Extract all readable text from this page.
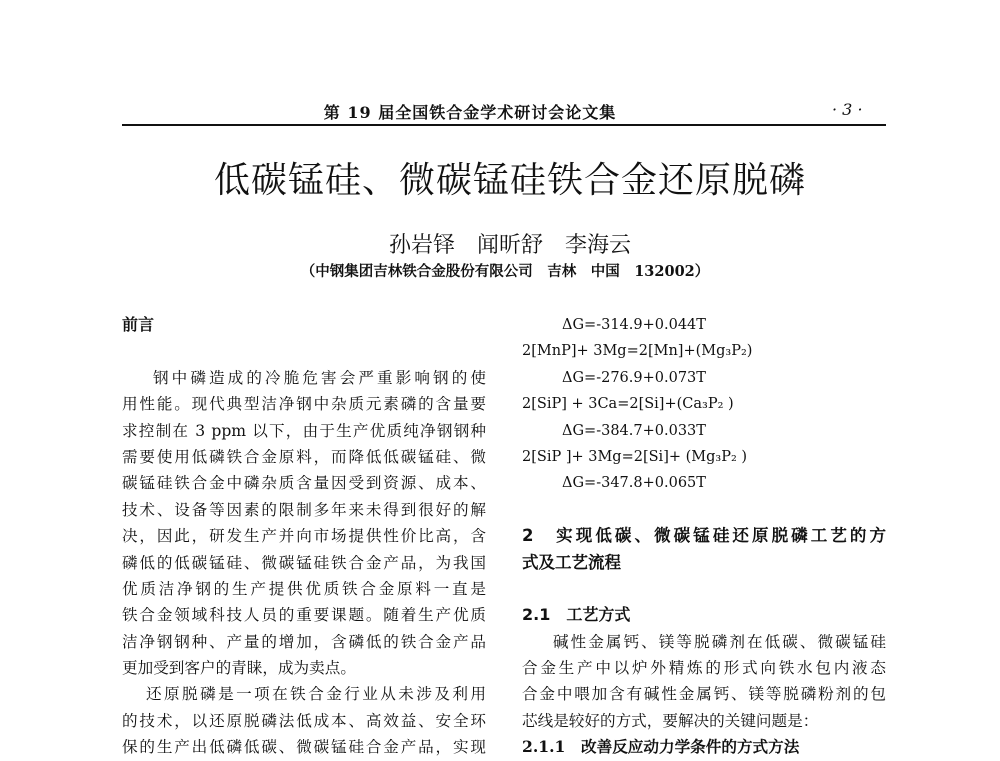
第 19 届全国铁合金学术研讨会论文集	· 3 ·
低碳锰硅、微碳锰硅铁合金还原脱磷
孙岩铎　闻昕舒　李海云
（中钢集团吉林铁合金股份有限公司　吉林　中国　132002）
前言
钢中磷造成的冷脆危害会严重影响钢的使
用性能。现代典型洁净钢中杂质元素磷的含量要
求控制在 3 ppm 以下，由于生产优质纯净钢钢种
需要使用低磷铁合金原料，而降低低碳锰硅、微
碳锰硅铁合金中磷杂质含量因受到资源、成本、
技术、设备等因素的限制多年来未得到很好的解
决，因此，研发生产并向市场提供性价比高，含
磷低的低碳锰硅、微碳锰硅铁合金产品，为我国
优质洁净钢的生产提供优质铁合金原料一直是
铁合金领域科技人员的重要课题。随着生产优质
洁净钢钢种、产量的增加，含磷低的铁合金产品
更加受到客户的青睐，成为卖点。
还原脱磷是一项在铁合金行业从未涉及利用
的技术，以还原脱磷法低成本、高效益、安全环
保的生产出低磷低碳、微碳锰硅合金产品，实现
ΔG=-314.9+0.044T
2[MnP]+ 3Mg=2[Mn]+(Mg₃P₂)
ΔG=-276.9+0.073T
2[SiP] + 3Ca=2[Si]+(Ca₃P₂ )
ΔG=-384.7+0.033T
2[SiP ]+ 3Mg=2[Si]+ (Mg₃P₂ )
ΔG=-347.8+0.065T
2　实现低碳、微碳锰硅还原脱磷工艺的方
式及工艺流程
2.1　工艺方式
碱性金属钙、镁等脱磷剂在低碳、微碳锰硅
合金生产中以炉外精炼的形式向铁水包内液态
合金中喂加含有碱性金属钙、镁等脱磷粉剂的包
芯线是较好的方式，要解决的关键问题是：
2.1.1　改善反应动力学条件的方式方法
